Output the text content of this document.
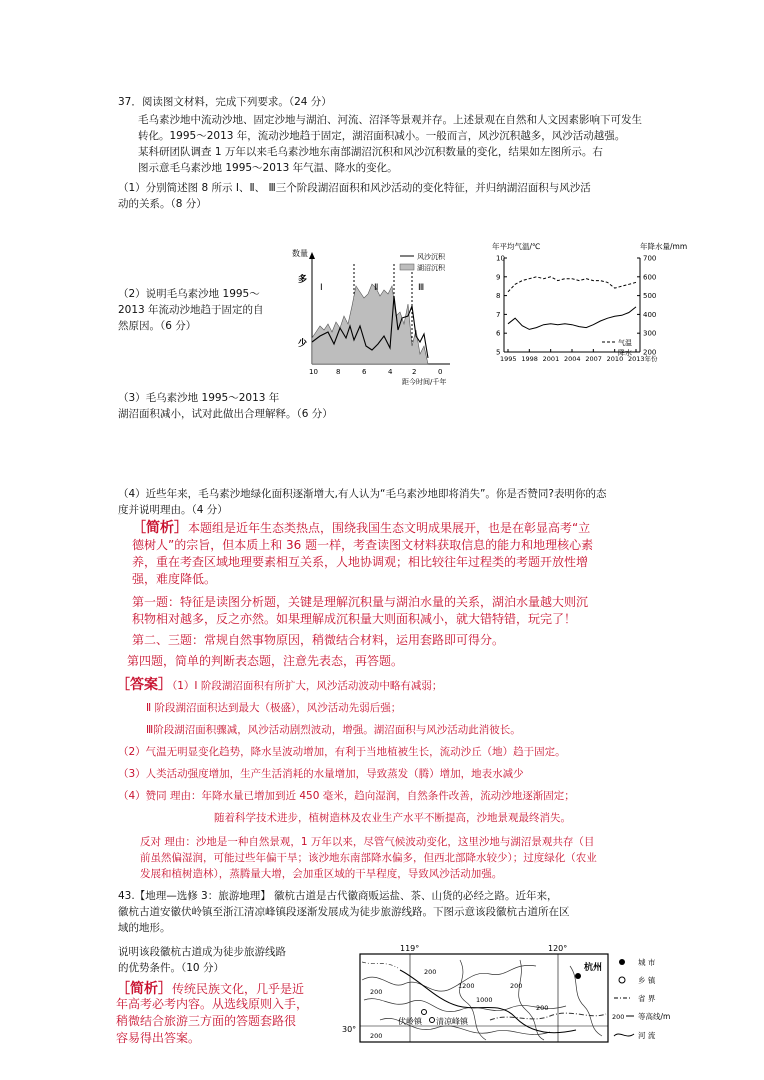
37．阅读图文材料，完成下列要求。（24 分）
毛乌素沙地中流动沙地、固定沙地与湖泊、河流、沼泽等景观并存。上述景观在自然和人文因素影响下可发生
转化。1995～2013 年，流动沙地趋于固定，湖沼面积减小。一般而言，风沙沉积越多，风沙活动越强。
某科研团队调查 1 万年以来毛乌素沙地东南部湖沼沉积和风沙沉积数量的变化，结果如左图所示。右
图示意毛乌素沙地 1995～2013 年气温、降水的变化。
（1）分别简述图 8 所示 Ⅰ、Ⅱ、 Ⅲ三个阶段湖沼面积和风沙活动的变化特征，并归纳湖沼面积与风沙活
动的关系。（8 分）
（2）说明毛乌素沙地 1995～
2013 年流动沙地趋于固定的自
然原因。（6 分）
数量
多
少
Ⅰ	Ⅱ	Ⅲ
风沙沉积
湖沼沉积
10	8	6	4	2	0
距今时间/千年
年平均气温/℃	年降水量/mm
5
6
7
8
9
10
200
300
400
500
600
700
1995 1998 2001 2004 2007 2010 2013年份
气温
降水
（3）毛乌素沙地 1995～2013 年
湖沼面积减小，试对此做出合理解释。（6 分）
（4）近些年来，毛乌素沙地绿化面积逐渐增大,有人认为“毛乌素沙地即将消失”。你是否赞同?表明你的态
度并说明理由。（4 分）
［简析］本题组是近年生态类热点，围绕我国生态文明成果展开，也是在彰显高考“立
德树人”的宗旨，但本质上和 36 题一样，考查读图文材料获取信息的能力和地理核心素
养，重在考查区域地理要素相互关系，人地协调观；相比较往年过程类的考题开放性增
强，难度降低。
第一题：特征是读图分析题，关键是理解沉积量与湖泊水量的关系，湖泊水量越大则沉
积物相对越多，反之亦然。如果理解成沉积量大则面积减小，就大错特错，玩完了！
第二、三题：常规自然事物原因，稍微结合材料，运用套路即可得分。
第四题，简单的判断表态题，注意先表态，再答题。
［答案］（1）Ⅰ 阶段湖沼面积有所扩大，风沙活动波动中略有减弱；
Ⅱ 阶段湖沼面积达到最大（极盛），风沙活动先弱后强；
Ⅲ阶段湖沼面积骤减，风沙活动剧烈波动，增强。湖沼面积与风沙活动此消彼长。
（2）气温无明显变化趋势，降水呈波动增加，有利于当地植被生长，流动沙丘（地）趋于固定。
（3）人类活动强度增加，生产生活消耗的水量增加，导致蒸发（腾）增加，地表水减少
（4）赞同 理由：年降水量已增加到近 450 毫米，趋向湿润，自然条件改善，流动沙地逐渐固定；
随着科学技术进步，植树造林及农业生产水平不断提高，沙地景观最终消失。
反对 理由：沙地是一种自然景观，1 万年以来，尽管气候波动变化，这里沙地与湖沼景观共存（目
前虽然偏湿润，可能过些年偏干旱；该沙地东南部降水偏多，但西北部降水较少）；过度绿化（农业
发展和植树造林），蒸腾量大增，会加重区域的干旱程度，导致风沙活动加强。
43.【地理—选修 3：旅游地理】 徽杭古道是古代徽商贩运盐、茶、山货的必经之路。近年来，
徽杭古道安徽伏岭镇至浙江清凉峰镇段逐渐发展成为徒步旅游线路。下图示意该段徽杭古道所在区
域的地形。
说明该段徽杭古道成为徒步旅游线路
的优势条件。（10 分）
［简析］传统民族文化，几乎是近
年高考必考内容。从选线原则入手，
稍微结合旅游三方面的答题套路很
容易得出答案。
119°	120°
30°
伏岭镇 清凉峰镇
杭州
200
200
1200
1000
200
200
200
城 市
乡 镇
省 界
200 等高线/m
河 流
